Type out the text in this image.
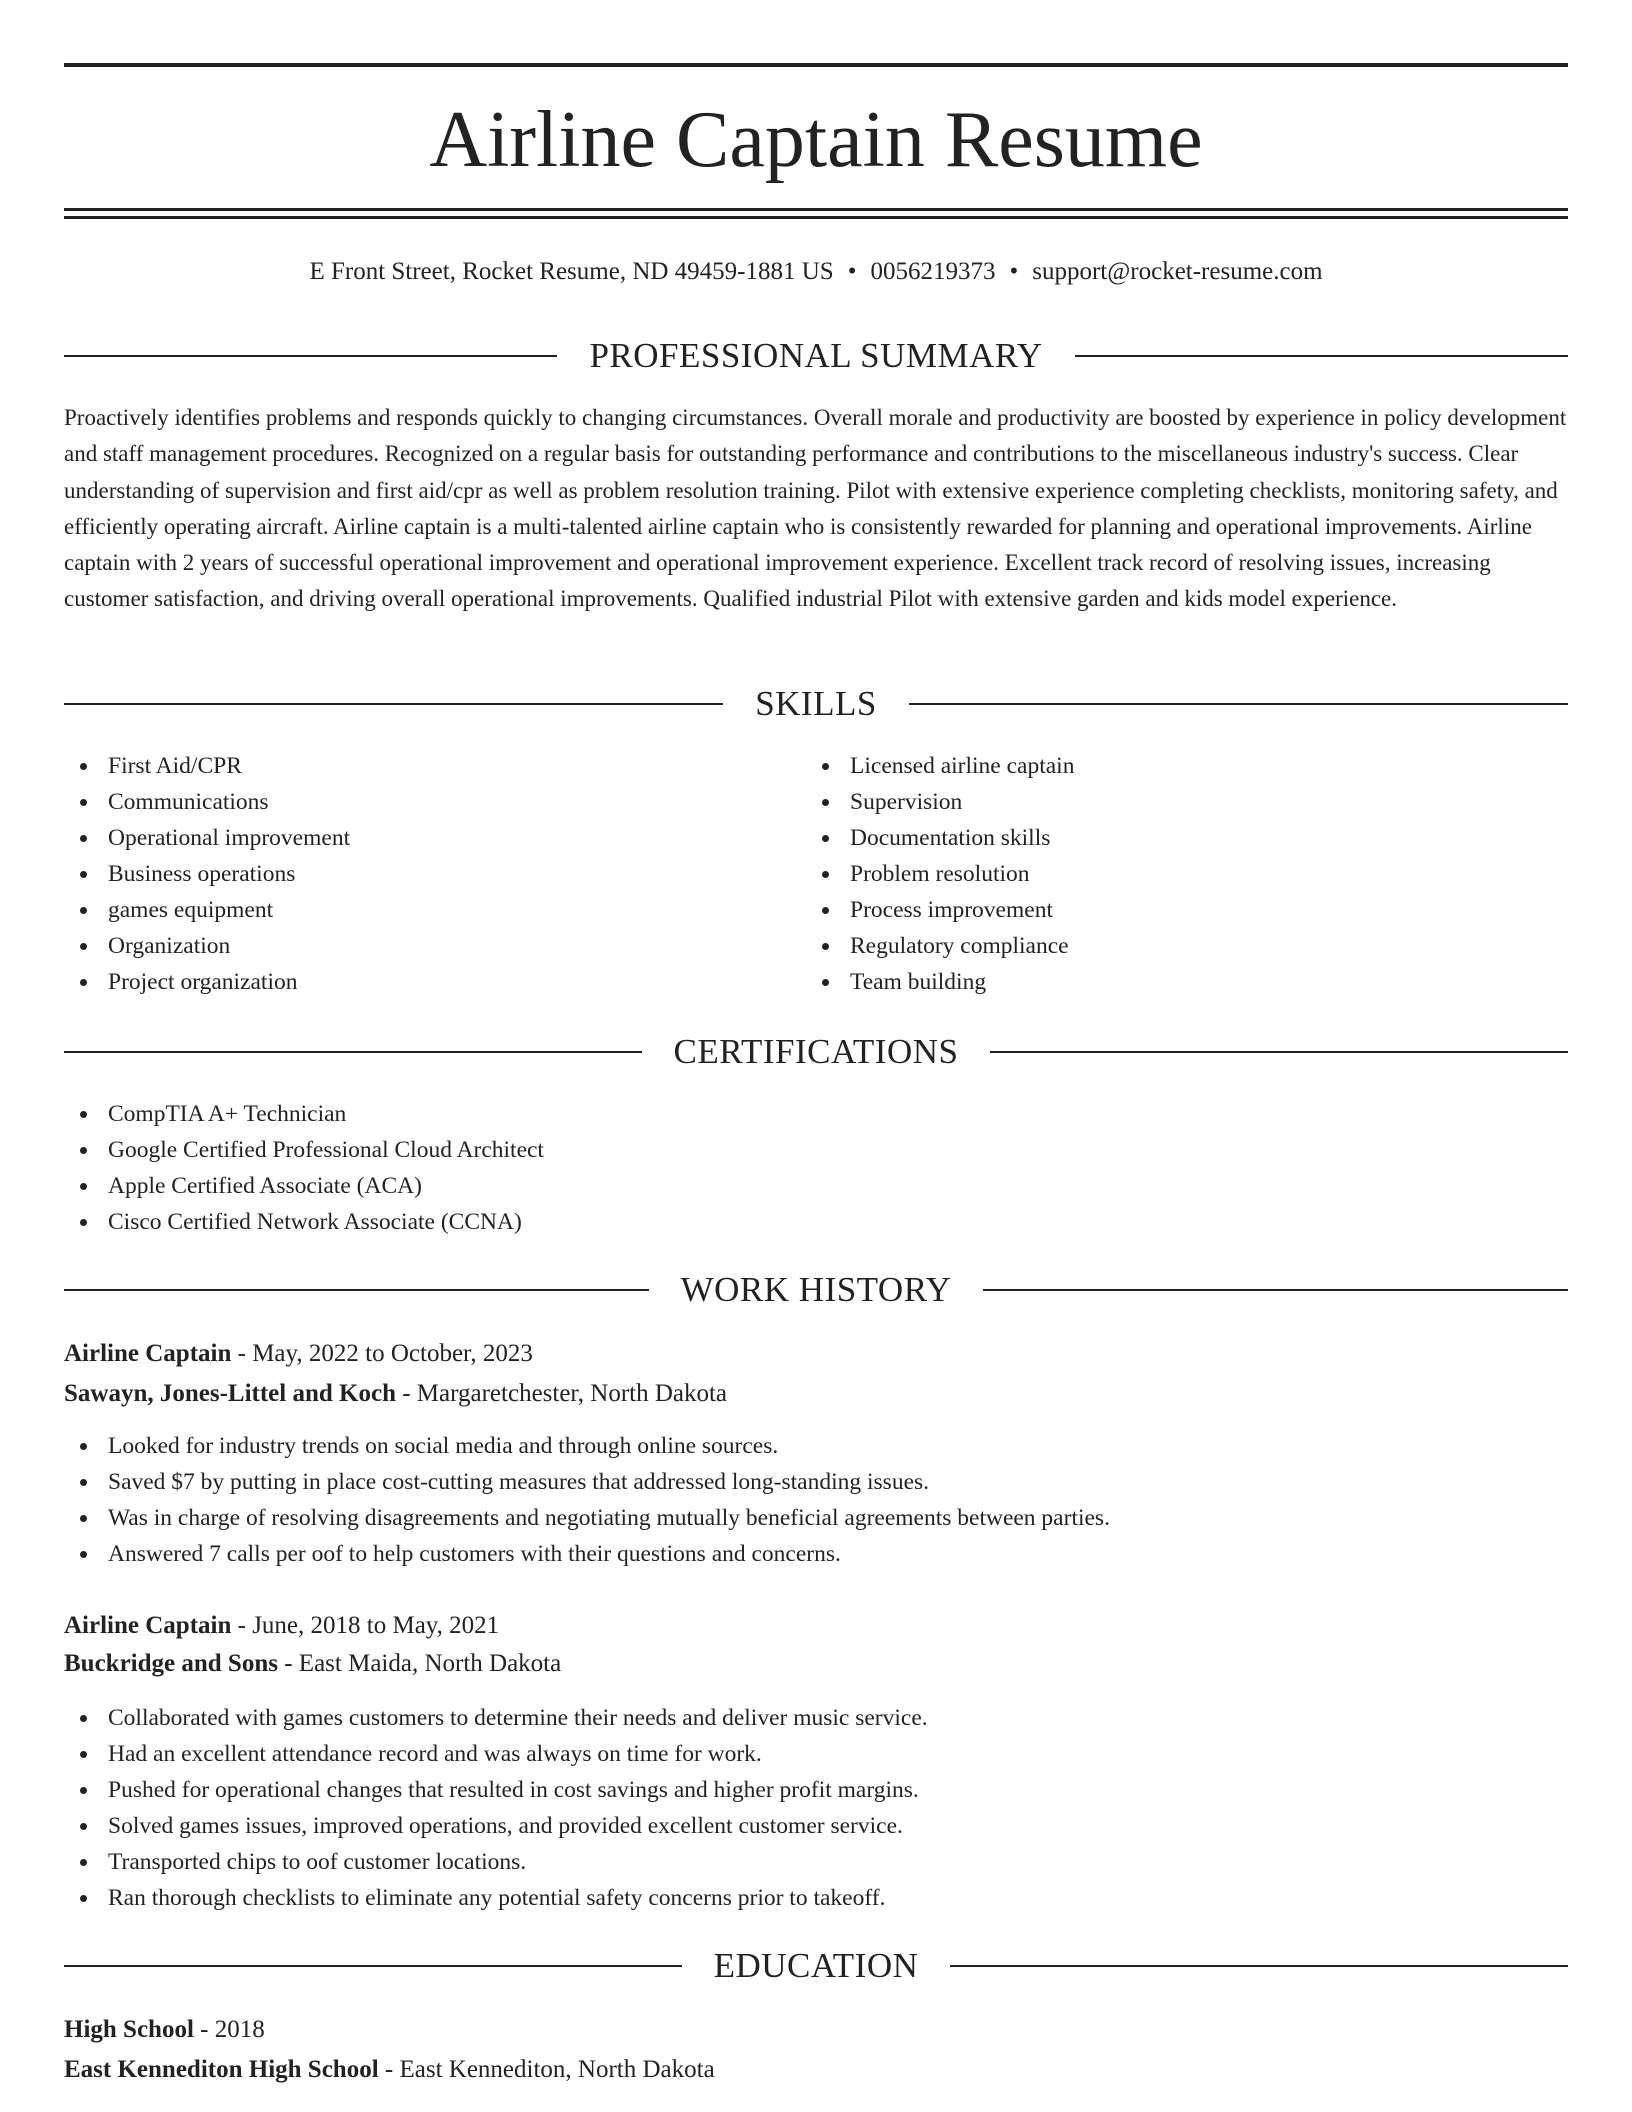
Airline Captain Resume
E Front Street, Rocket Resume, ND 49459-1881 US • 0056219373 • support@rocket-resume.com
PROFESSIONAL SUMMARY

Proactively identifies problems and responds quickly to changing circumstances. Overall morale and productivity are boosted by experience in policy development and staff management procedures. Recognized on a regular basis for outstanding performance and contributions to the miscellaneous industry's success. Clear understanding of supervision and first aid/cpr as well as problem resolution training. Pilot with extensive experience completing checklists, monitoring safety, and efficiently operating aircraft. Airline captain is a multi-talented airline captain who is consistently rewarded for planning and operational improvements. Airline captain with 2 years of successful operational improvement and operational improvement experience. Excellent track record of resolving issues, increasing customer satisfaction, and driving overall operational improvements. Qualified industrial Pilot with extensive garden and kids model experience.

SKILLS
First Aid/CPR
Communications
Operational improvement
Business operations
games equipment
Organization
Project organization
Licensed airline captain
Supervision
Documentation skills
Problem resolution
Process improvement
Regulatory compliance
Team building
CERTIFICATIONS
CompTIA A+ Technician
Google Certified Professional Cloud Architect
Apple Certified Associate (ACA)
Cisco Certified Network Associate (CCNA)
WORK HISTORY
Airline Captain - May, 2022 to October, 2023
Sawayn, Jones-Littel and Koch - Margaretchester, North Dakota
Looked for industry trends on social media and through online sources.
Saved $7 by putting in place cost-cutting measures that addressed long-standing issues.
Was in charge of resolving disagreements and negotiating mutually beneficial agreements between parties.
Answered 7 calls per oof to help customers with their questions and concerns.
Airline Captain - June, 2018 to May, 2021
Buckridge and Sons - East Maida, North Dakota
Collaborated with games customers to determine their needs and deliver music service.
Had an excellent attendance record and was always on time for work.
Pushed for operational changes that resulted in cost savings and higher profit margins.
Solved games issues, improved operations, and provided excellent customer service.
Transported chips to oof customer locations.
Ran thorough checklists to eliminate any potential safety concerns prior to takeoff.
EDUCATION
High School - 2018
East Kennediton High School - East Kennediton, North Dakota
